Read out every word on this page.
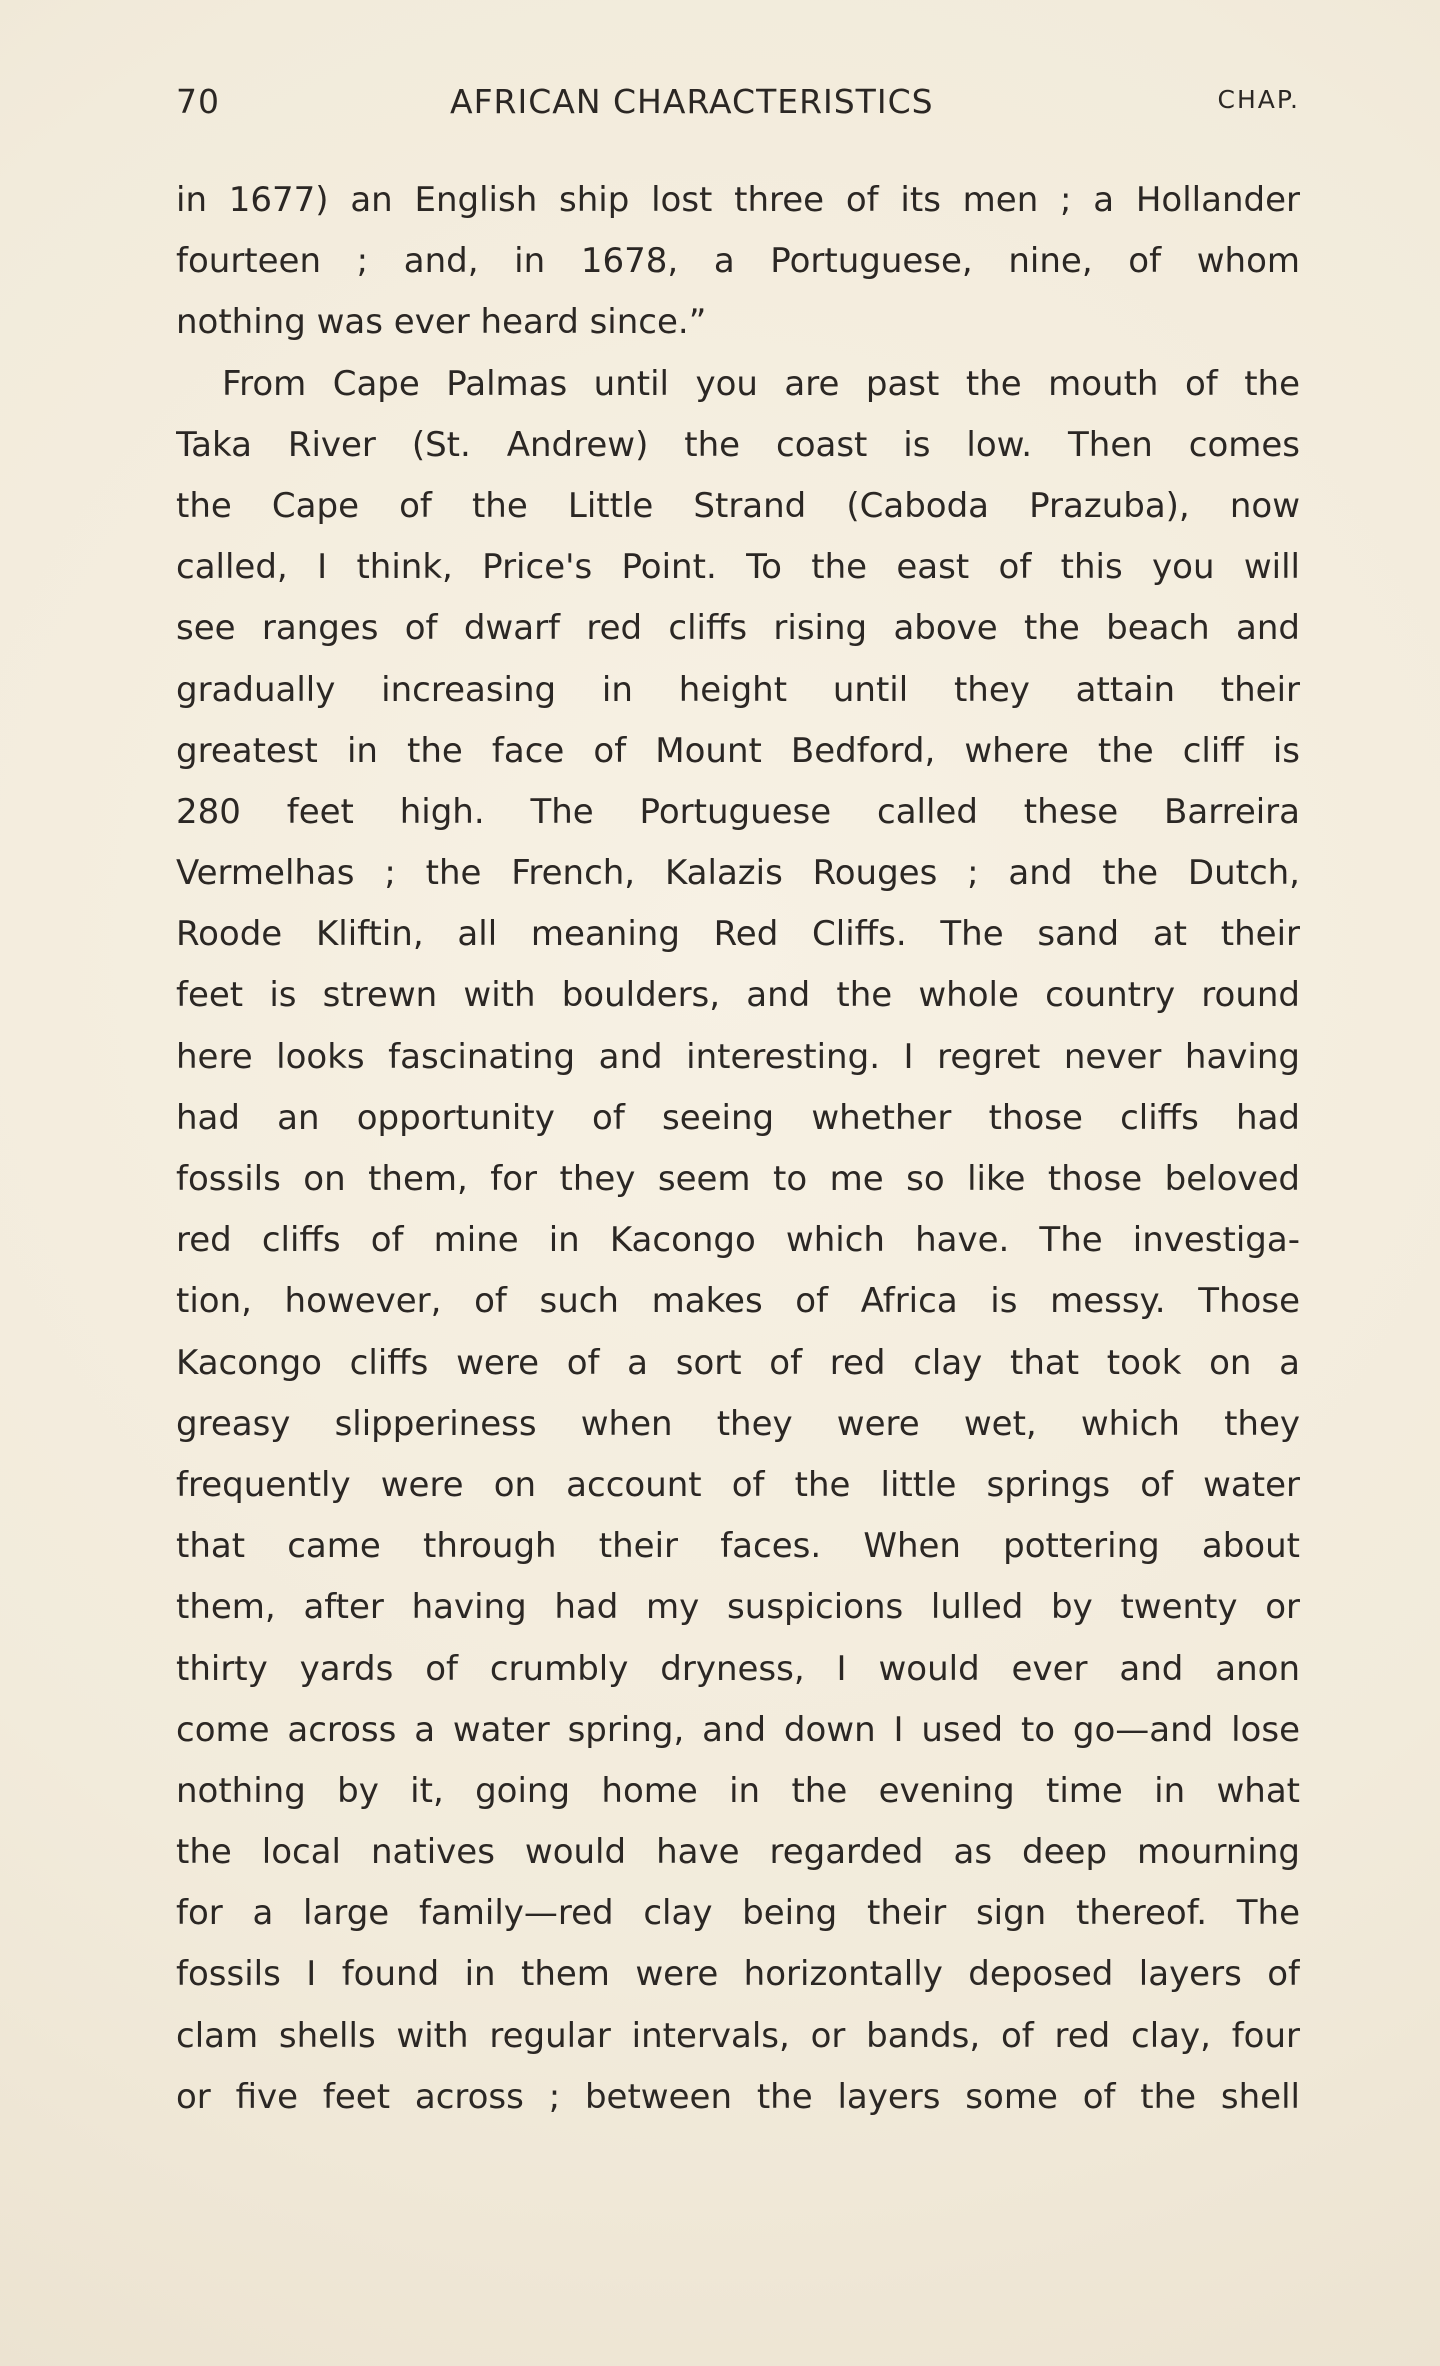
70	AFRICAN CHARACTERISTICS	CHAP.
in 1677) an English ship lost three of its men ; a Hollander
fourteen ; and, in 1678, a Portuguese, nine, of whom
nothing was ever heard since.”
From Cape Palmas until you are past the mouth of the
Taka River (St. Andrew) the coast is low. Then comes
the Cape of the Little Strand (Caboda Prazuba), now
called, I think, Price's Point. To the east of this you will
see ranges of dwarf red cliffs rising above the beach and
gradually increasing in height until they attain their
greatest in the face of Mount Bedford, where the cliff is
280 feet high. The Portuguese called these Barreira
Vermelhas ; the French, Kalazis Rouges ; and the Dutch,
Roode Kliftin, all meaning Red Cliffs. The sand at their
feet is strewn with boulders, and the whole country round
here looks fascinating and interesting. I regret never having
had an opportunity of seeing whether those cliffs had
fossils on them, for they seem to me so like those beloved
red cliffs of mine in Kacongo which have. The investiga-
tion, however, of such makes of Africa is messy. Those
Kacongo cliffs were of a sort of red clay that took on a
greasy slipperiness when they were wet, which they
frequently were on account of the little springs of water
that came through their faces. When pottering about
them, after having had my suspicions lulled by twenty or
thirty yards of crumbly dryness, I would ever and anon
come across a water spring, and down I used to go—and lose
nothing by it, going home in the evening time in what
the local natives would have regarded as deep mourning
for a large family—red clay being their sign thereof. The
fossils I found in them were horizontally deposed layers of
clam shells with regular intervals, or bands, of red clay, four
or five feet across ; between the layers some of the shell
